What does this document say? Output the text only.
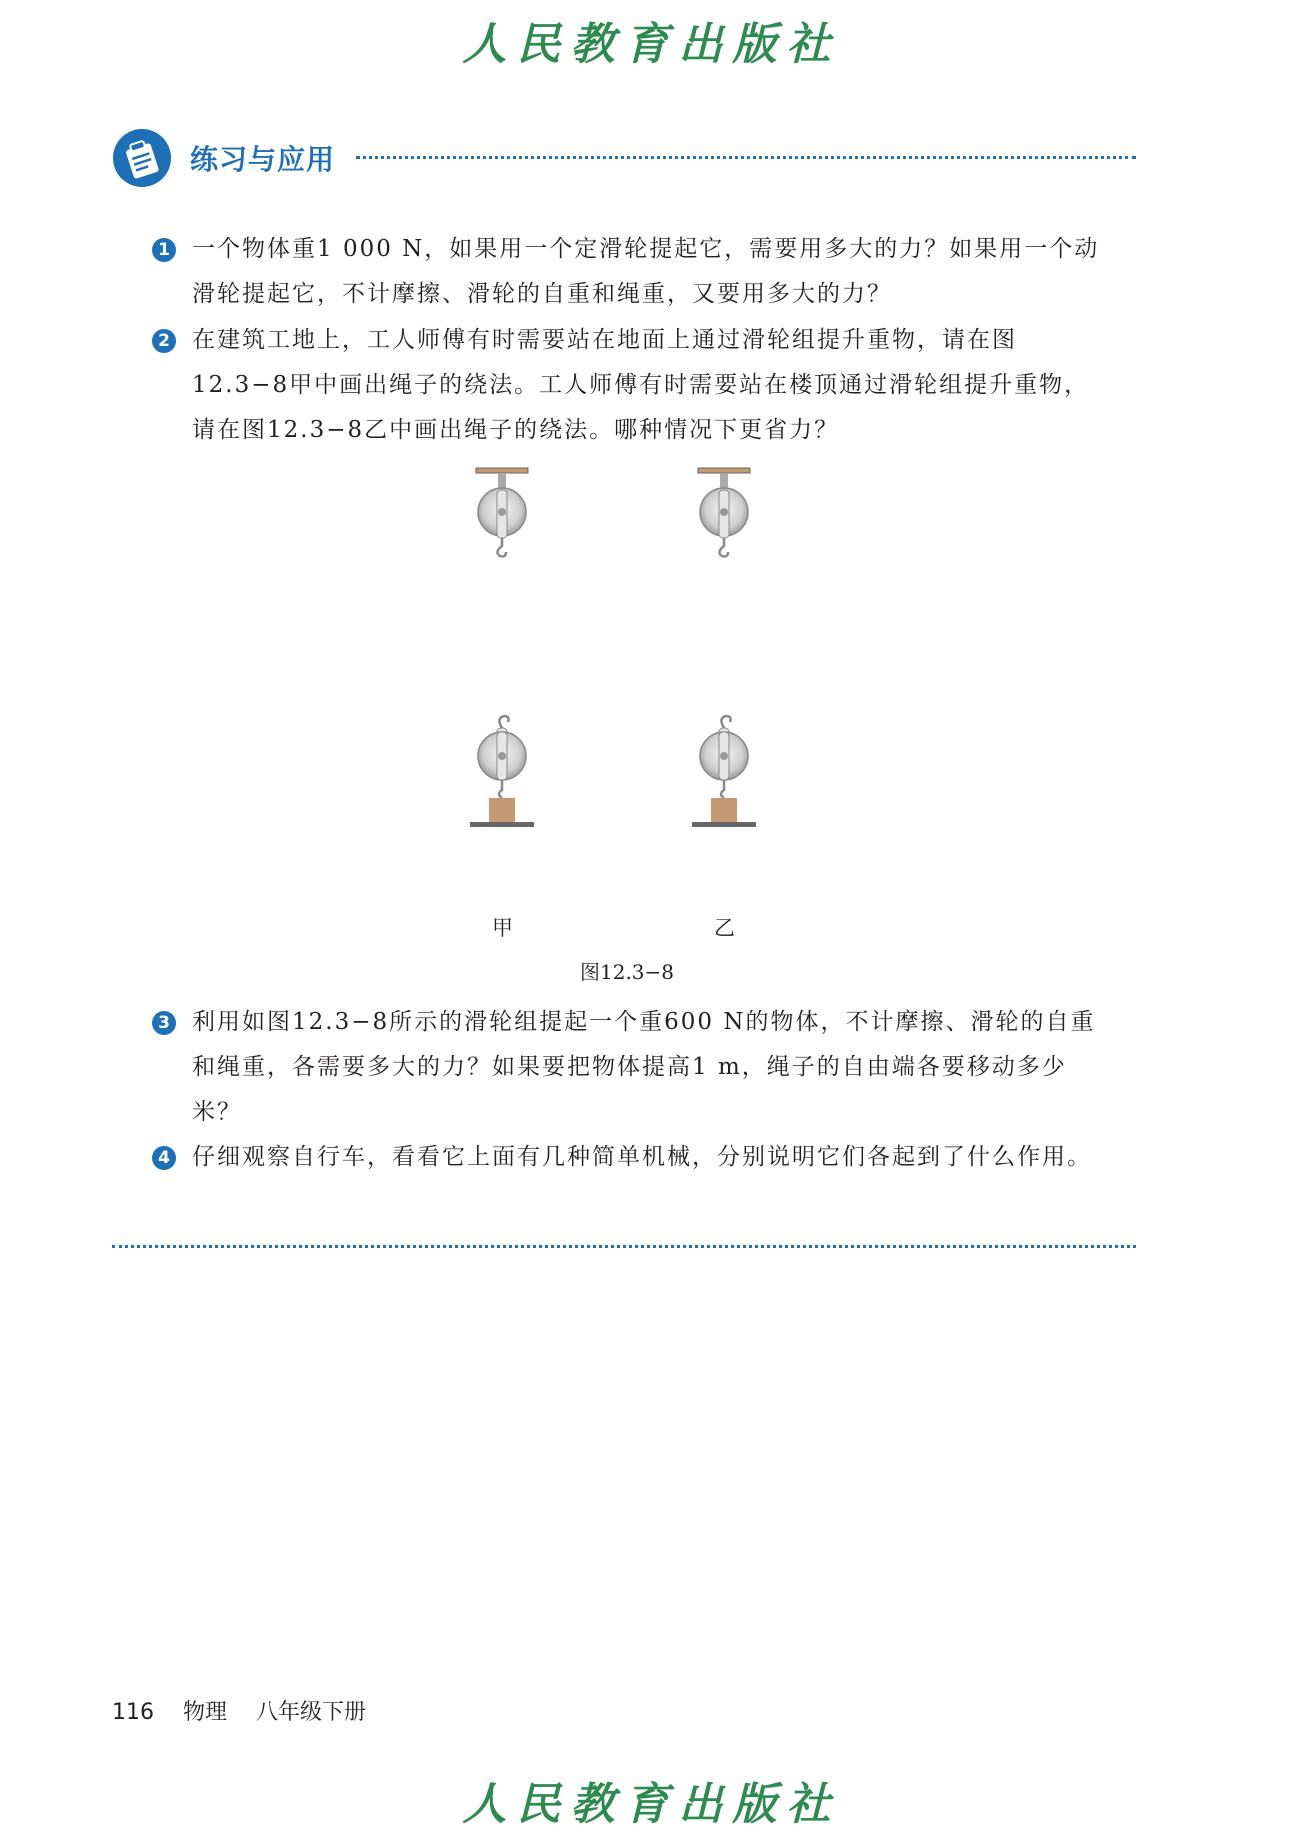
人民教育出版社
练习与应用
1 一个物体重1 000 N，如果用一个定滑轮提起它，需要用多大的力？如果用一个动滑轮提起它，不计摩擦、滑轮的自重和绳重，又要用多大的力？
2 在建筑工地上，工人师傅有时需要站在地面上通过滑轮组提升重物，请在图12.3−8甲中画出绳子的绕法。工人师傅有时需要站在楼顶通过滑轮组提升重物，请在图12.3−8乙中画出绳子的绕法。哪种情况下更省力？
甲	乙
图12.3−8
3 利用如图12.3−8所示的滑轮组提起一个重600 N的物体，不计摩擦、滑轮的自重和绳重，各需要多大的力？如果要把物体提高1 m，绳子的自由端各要移动多少米？
4 仔细观察自行车，看看它上面有几种简单机械，分别说明它们各起到了什么作用。
116 物理 八年级下册
人民教育出版社
